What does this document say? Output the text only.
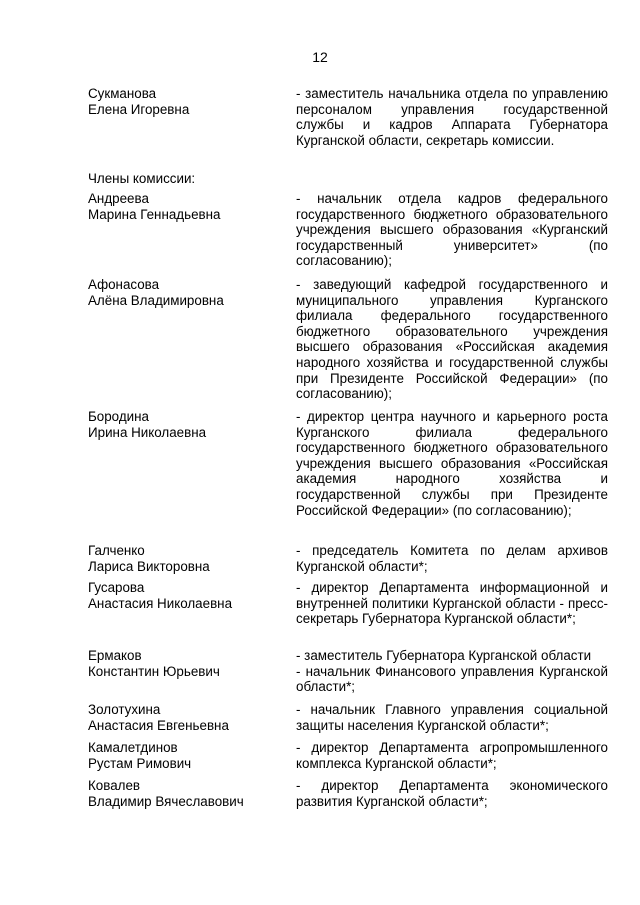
12
Сукманова
Елена Игоревна
- заместитель начальника отдела по управлению персоналом управления государственной службы и кадров Аппарата Губернатора Курганской области, секретарь комиссии.
Члены комиссии:
Андреева
Марина Геннадьевна
- начальник отдела кадров федерального государственного бюджетного образовательного учреждения высшего образования «Курганский государственный университет» (по согласованию);
Афонасова
Алёна Владимировна
- заведующий кафедрой государственного и муниципального управления Курганского филиала федерального государственного бюджетного образовательного учреждения высшего образования «Российская академия народного хозяйства и государственной службы при Президенте Российской Федерации» (по согласованию);
Бородина
Ирина Николаевна
- директор центра научного и карьерного роста Курганского филиала федерального государственного бюджетного образовательного учреждения высшего образования «Российская академия народного хозяйства и государственной службы при Президенте Российской Федерации» (по согласованию);
Галченко
Лариса Викторовна
- председатель Комитета по делам архивов Курганской области*;
Гусарова
Анастасия Николаевна
- директор Департамента информационной и внутренней политики Курганской области - пресс-секретарь Губернатора Курганской области*;
Ермаков
Константин Юрьевич
- заместитель Губернатора Курганской области
- начальник Финансового управления Курганской области*;
Золотухина
Анастасия Евгеньевна
- начальник Главного управления социальной защиты населения Курганской области*;
Камалетдинов
Рустам Римович
- директор Департамента агропромышленного комплекса Курганской области*;
Ковалев
Владимир Вячеславович
- директор Департамента экономического развития Курганской области*;
